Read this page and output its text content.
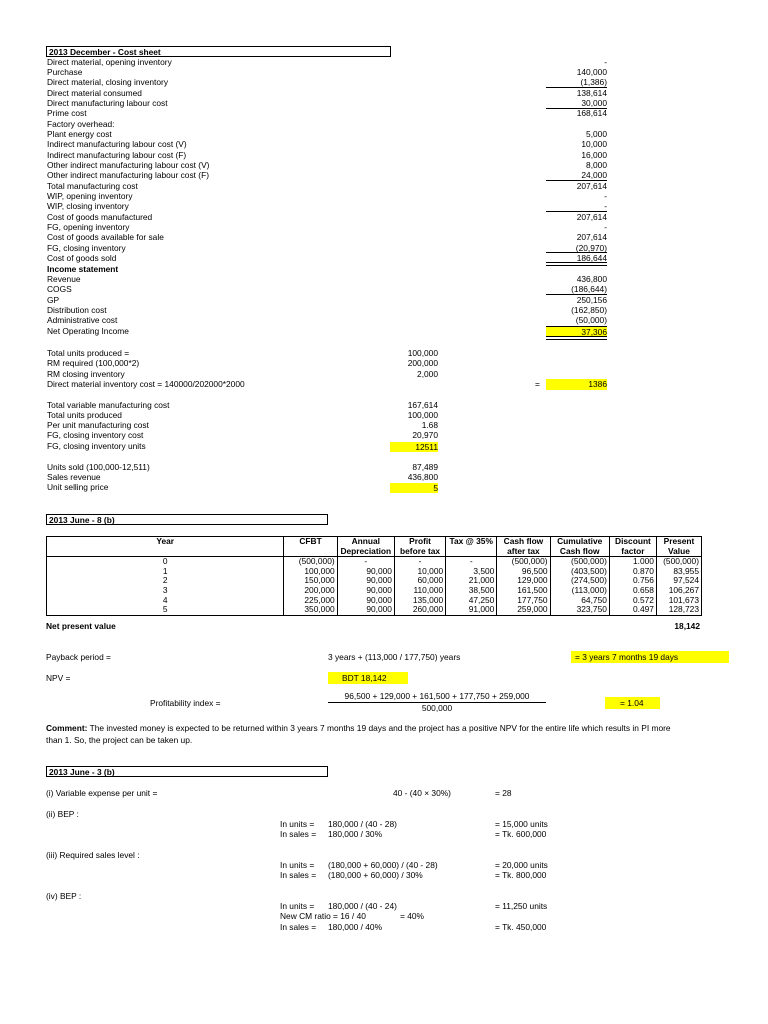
2013 December - Cost sheet
Direct material, opening inventory	-
Purchase	140,000
Direct material, closing inventory	(1,386)
Direct material consumed	138,614
Direct manufacturing labour cost	30,000
Prime cost	168,614
Factory overhead:
Plant energy cost	5,000
Indirect manufacturing labour cost (V)	10,000
Indirect manufacturing labour cost (F)	16,000
Other indirect manufacturing labour cost (V)	8,000
Other indirect manufacturing labour cost (F)	24,000
Total manufacturing cost	207,614
WIP, opening inventory	-
WIP, closing inventory	-
Cost of goods manufactured	207,614
FG, opening inventory	-
Cost of goods available for sale	207,614
FG, closing inventory	(20,970)
Cost of goods sold	186,644
Income statement
Revenue	436,800
COGS	(186,644)
GP	250,156
Distribution cost	(162,850)
Administrative cost	(50,000)
Net Operating Income	37,306
Total units produced =	100,000
RM required (100,000*2)	200,000
RM closing inventory	2,000
Direct material inventory cost = 140000/202000*2000	=	1386
Total variable manufacturing cost	167,614
Total units produced	100,000
Per unit manufacturing cost	1.68
FG, closing inventory cost	20,970
FG, closing inventory units	12511
Units sold (100,000-12,511)	87,489
Sales revenue	436,800
Unit selling price	5
2013 June - 8 (b)
Year	CFBT	Annual	Profit	Tax @ 35%	Cash flow	Cumulative	Discount	Present
		Depreciation	before tax		after tax	Cash flow	factor	Value
0	(500,000)	-	-	-	(500,000)	(500,000)	1.000	(500,000)
1	100,000	90,000	10,000	3,500	96,500	(403,500)	0.870	83,955
2	150,000	90,000	60,000	21,000	129,000	(274,500)	0.756	97,524
3	200,000	90,000	110,000	38,500	161,500	(113,000)	0.658	106,267
4	225,000	90,000	135,000	47,250	177,750	64,750	0.572	101,673
5	350,000	90,000	260,000	91,000	259,000	323,750	0.497	128,723
Net present value	18,142
Payback period =	3 years + (113,000 / 177,750) years	= 3 years 7 months 19 days
NPV =	BDT 18,142
Profitability index =
96,500 + 129,000 + 161,500 + 177,750 + 259,000
500,000	= 1.04
Comment: The invested money is expected to be returned within 3 years 7 months 19 days and the project has a positive NPV for the entire life which results in PI more
than 1. So, the project can be taken up.
2013 June - 3 (b)
(i) Variable expense per unit =	40 - (40 × 30%)	= 28
(ii) BEP :
In units = 180,000 / (40 - 28)	= 15,000 units
In sales = 180,000 / 30%	= Tk. 600,000
(iii) Required sales level :
In units = (180,000 + 60,000) / (40 - 28)	= 20,000 units
In sales = (180,000 + 60,000) / 30%	= Tk. 800,000
(iv) BEP :
In units = 180,000 / (40 - 24)	= 11,250 units
New CM ratio = 16 / 40	= 40%
In sales = 180,000 / 40%	= Tk. 450,000
